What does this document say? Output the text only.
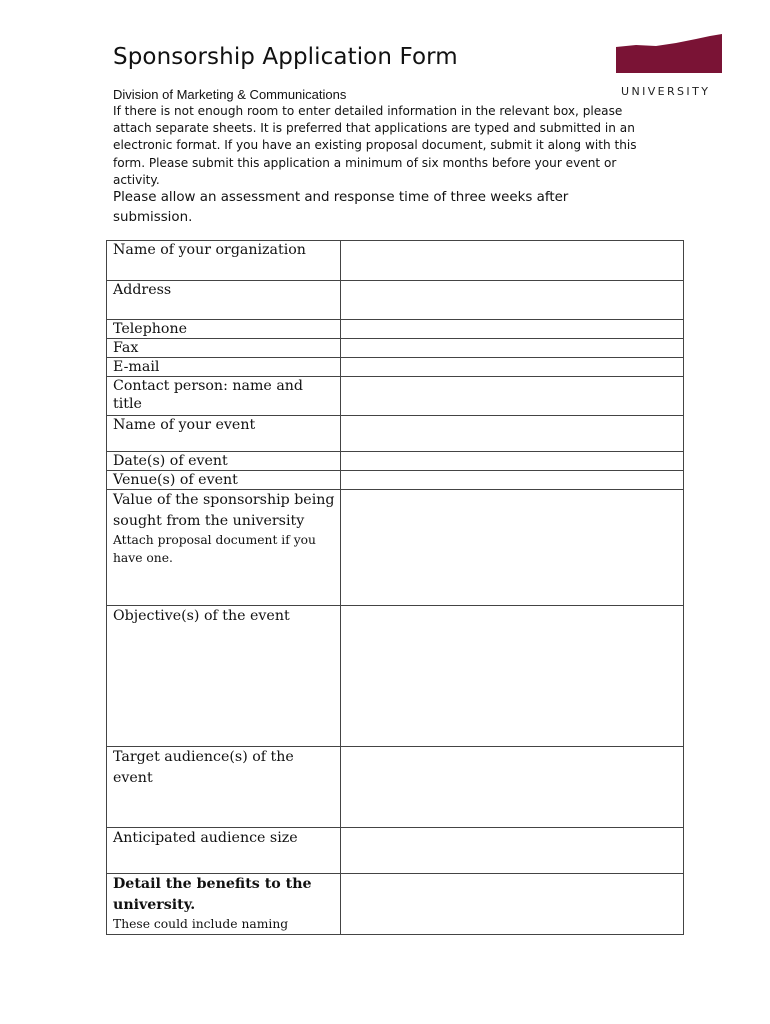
Sponsorship Application Form
MEMORIAL
UNIVERSITY
Division of Marketing & Communications
If there is not enough room to enter detailed information in the relevant box, please attach separate sheets. It is preferred that applications are typed and submitted in an electronic format. If you have an existing proposal document, submit it along with this form. Please submit this application a minimum of six months before your event or activity.
Please allow an assessment and response time of three weeks after submission.
Name of your organization	
Address	
Telephone	
Fax	
E-mail	
Contact person: name and title	
Name of your event	
Date(s) of event	
Venue(s) of event	

Value of the sponsorship being sought from the university
Attach proposal document if you have one.	

Objective(s) of the event	

Target audience(s) of the event	

Anticipated audience size	

Detail the benefits to the university.
These could include naming	
